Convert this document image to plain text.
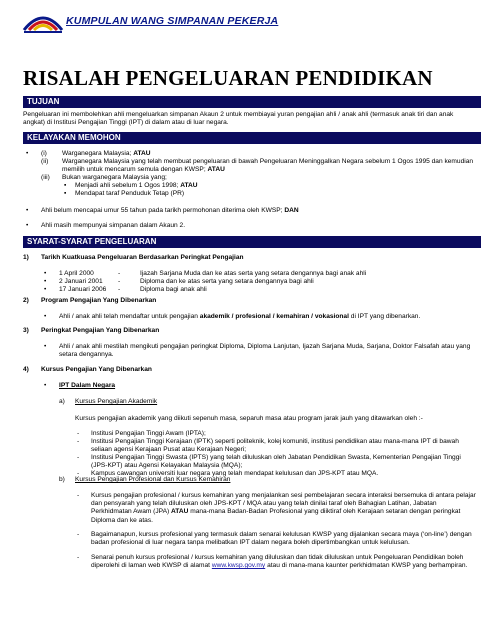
KUMPULAN WANG SIMPANAN PEKERJA
RISALAH PENGELUARAN PENDIDIKAN
TUJUAN
Pengeluaran ini membolehkan ahli mengeluarkan simpanan Akaun 2 untuk membiayai yuran pengajian ahli / anak ahli (termasuk anak tiri dan anak
angkat) di Institusi Pengajian Tinggi (IPT) di dalam atau di luar negara.
KELAYAKAN MEMOHON
• (i) Warganegara Malaysia; ATAU
(ii) Warganegara Malaysia yang telah membuat pengeluaran di bawah Pengeluaran Meninggalkan Negara sebelum 1 Ogos 1995 dan kemudian
memilih untuk mencarum semula dengan KWSP; ATAU
(iii) Bukan warganegara Malaysia yang;
▪ Menjadi ahli sebelum 1 Ogos 1998; ATAU
▪ Mendapat taraf Penduduk Tetap (PR)
• Ahli belum mencapai umur 55 tahun pada tarikh permohonan diterima oleh KWSP; DAN
• Ahli masih mempunyai simpanan dalam Akaun 2.
SYARAT-SYARAT PENGELUARAN
1) Tarikh Kuatkuasa Pengeluaran Berdasarkan Peringkat Pengajian
• 1 April 2000	-	Ijazah Sarjana Muda dan ke atas serta yang setara dengannya bagi anak ahli
• 2 Januari 2001 -	Diploma dan ke atas serta yang setara dengannya bagi ahli
• 17 Januari 2006 -	Diploma bagi anak ahli
2) Program Pengajian Yang Dibenarkan
• Ahli / anak ahli telah mendaftar untuk pengajian akademik / profesional / kemahiran / vokasional di IPT yang dibenarkan.
3) Peringkat Pengajian Yang Dibenarkan
• Ahli / anak ahli mestilah mengikuti pengajian peringkat Diploma, Diploma Lanjutan, Ijazah Sarjana Muda, Sarjana, Doktor Falsafah atau yang
setara dengannya.
4) Kursus Pengajian Yang Dibenarkan
• IPT Dalam Negara
a) Kursus Pengajian Akademik
Kursus pengajian akademik yang diikuti sepenuh masa, separuh masa atau program jarak jauh yang ditawarkan oleh :-
- Institusi Pengajian Tinggi Awam (IPTA);
- Institusi Pengajian Tinggi Kerajaan (IPTK) seperti politeknik, kolej komuniti, institusi pendidikan atau mana-mana IPT di bawah
seliaan agensi Kerajaan Pusat atau Kerajaan Negeri;
- Institusi Pengajian Tinggi Swasta (IPTS) yang telah diluluskan oleh Jabatan Pendidikan Swasta, Kementerian Pengajian Tinggi
(JPS-KPT) atau Agensi Kelayakan Malaysia (MQA);
- Kampus cawangan universiti luar negara yang telah mendapat kelulusan dan JPS-KPT atau MQA.
b) Kursus Pengajian Profesional dan Kursus Kemahiran
- Kursus pengajian profesional / kursus kemahiran yang menjalankan sesi pembelajaran secara interaksi bersemuka di antara pelajar
dan pensyarah yang telah diluluskan oleh JPS-KPT / MQA atau yang telah dinilai taraf oleh Bahagian Latihan, Jabatan
Perkhidmatan Awam (JPA) ATAU mana-mana Badan-Badan Profesional yang diiktiraf oleh Kerajaan setaran dengan peringkat
Diploma dan ke atas.
- Bagaimanapun, kursus profesional yang termasuk dalam senarai kelulusan KWSP yang dijalankan secara maya (‘on-line’) dengan
badan profesional di luar negara tanpa melibatkan IPT dalam negara boleh dipertimbangkan untuk kelulusan.
- Senarai penuh kursus profesional / kursus kemahiran yang diluluskan dan tidak diluluskan untuk Pengeluaran Pendidikan boleh
diperolehi di laman web KWSP di alamat www.kwsp.gov.my atau di mana-mana kaunter perkhidmatan KWSP yang berhampiran.
